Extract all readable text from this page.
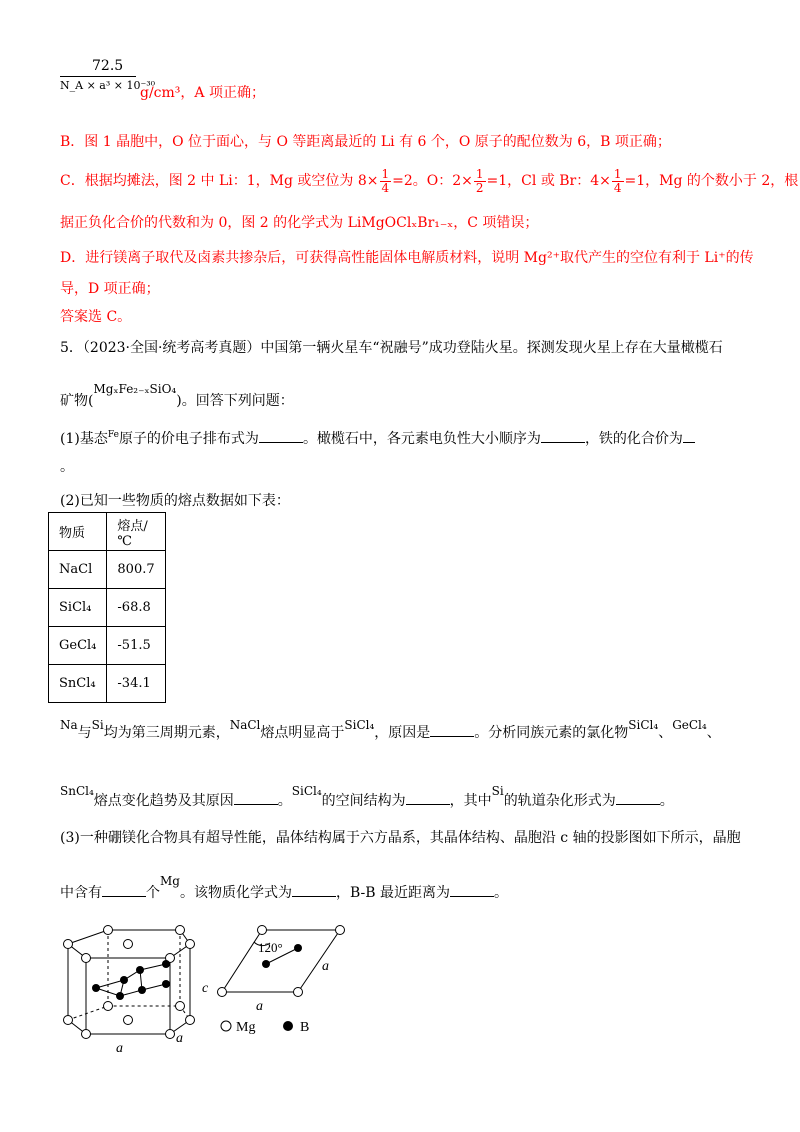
72.5
N_A × a³ × 10⁻³⁰
g/cm³，A 项正确；
B．图 1 晶胞中，O 位于面心，与 O 等距离最近的 Li 有 6 个，O 原子的配位数为 6，B 项正确；
C．根据均摊法，图 2 中 Li：1，Mg 或空位为 $8\times \frac{1}{4} =2$。O：$2\times \frac{1}{2} =1$，Cl 或 Br：$4\times \frac{1}{4} =1$，Mg 的个数小于 2，根
据正负化合价的代数和为 0，图 2 的化学式为 LiMgOClₓBr₁₋ₓ，C 项错误；
D．进行镁离子取代及卤素共掺杂后，可获得高性能固体电解质材料，说明 Mg²⁺取代产生的空位有利于 Li⁺的传
导，D 项正确；
答案选 C。
5．（2023·全国·统考高考真题）中国第一辆火星车“祝融号”成功登陆火星。探测发现火星上存在大量橄榄石
矿物(MgₓFe₂₋ₓSiO₄)。回答下列问题：
(1)基态$^{Fe}$原子的价电子排布式为	。橄榄石中，各元素电负性大小顺序为	，铁的化合价为
。
(2)已知一些物质的熔点数据如下表：
物质	熔点/℃
NaCl	800.7
SiCl₄	-68.8
GeCl₄	-51.5
SnCl₄	-34.1
Na与Si均为第三周期元素，NaCl熔点明显高于SiCl₄，原因是	。分析同族元素的氯化物SiCl₄、GeCl₄、
SnCl₄熔点变化趋势及其原因	。SiCl₄的空间结构为	，其中Si的轨道杂化形式为	。
(3)一种硼镁化合物具有超导性能，晶体结构属于六方晶系，其晶体结构、晶胞沿 c 轴的投影图如下所示，晶胞
中含有	个Mg。该物质化学式为	，B-B 最近距离为	。
c
a
a
120°
a
a
Mg	B
